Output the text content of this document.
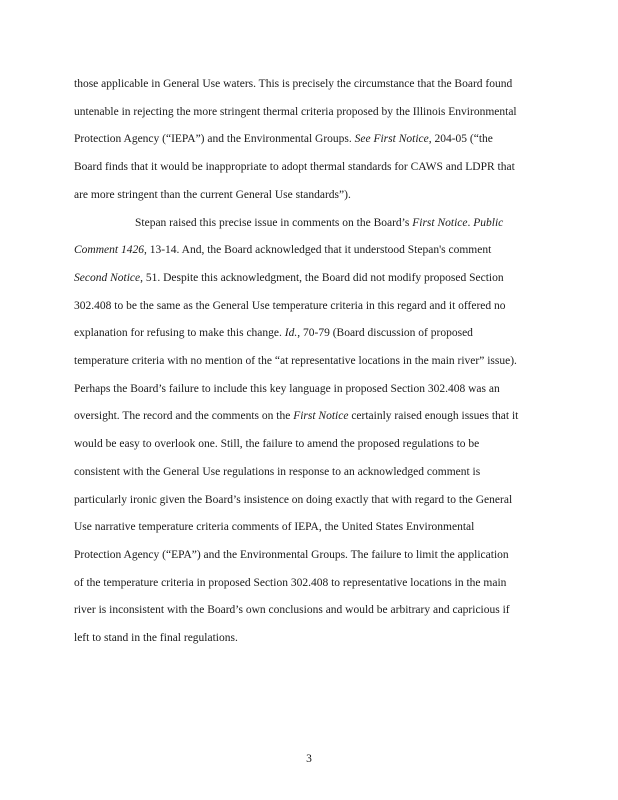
those applicable in General Use waters. This is precisely the circumstance that the Board found

untenable in rejecting the more stringent thermal criteria proposed by the Illinois Environmental

Protection Agency (“IEPA”) and the Environmental Groups. See First Notice, 204-05 (“the

Board finds that it would be inappropriate to adopt thermal standards for CAWS and LDPR that

are more stringent than the current General Use standards”).

Stepan raised this precise issue in comments on the Board’s First Notice. Public

Comment 1426, 13-14. And, the Board acknowledged that it understood Stepan's comment

Second Notice, 51. Despite this acknowledgment, the Board did not modify proposed Section

302.408 to be the same as the General Use temperature criteria in this regard and it offered no

explanation for refusing to make this change. Id., 70-79 (Board discussion of proposed

temperature criteria with no mention of the “at representative locations in the main river” issue).

Perhaps the Board’s failure to include this key language in proposed Section 302.408 was an

oversight. The record and the comments on the First Notice certainly raised enough issues that it

would be easy to overlook one. Still, the failure to amend the proposed regulations to be

consistent with the General Use regulations in response to an acknowledged comment is

particularly ironic given the Board’s insistence on doing exactly that with regard to the General

Use narrative temperature criteria comments of IEPA, the United States Environmental

Protection Agency (“EPA”) and the Environmental Groups. The failure to limit the application

of the temperature criteria in proposed Section 302.408 to representative locations in the main

river is inconsistent with the Board’s own conclusions and would be arbitrary and capricious if

left to stand in the final regulations.

3
